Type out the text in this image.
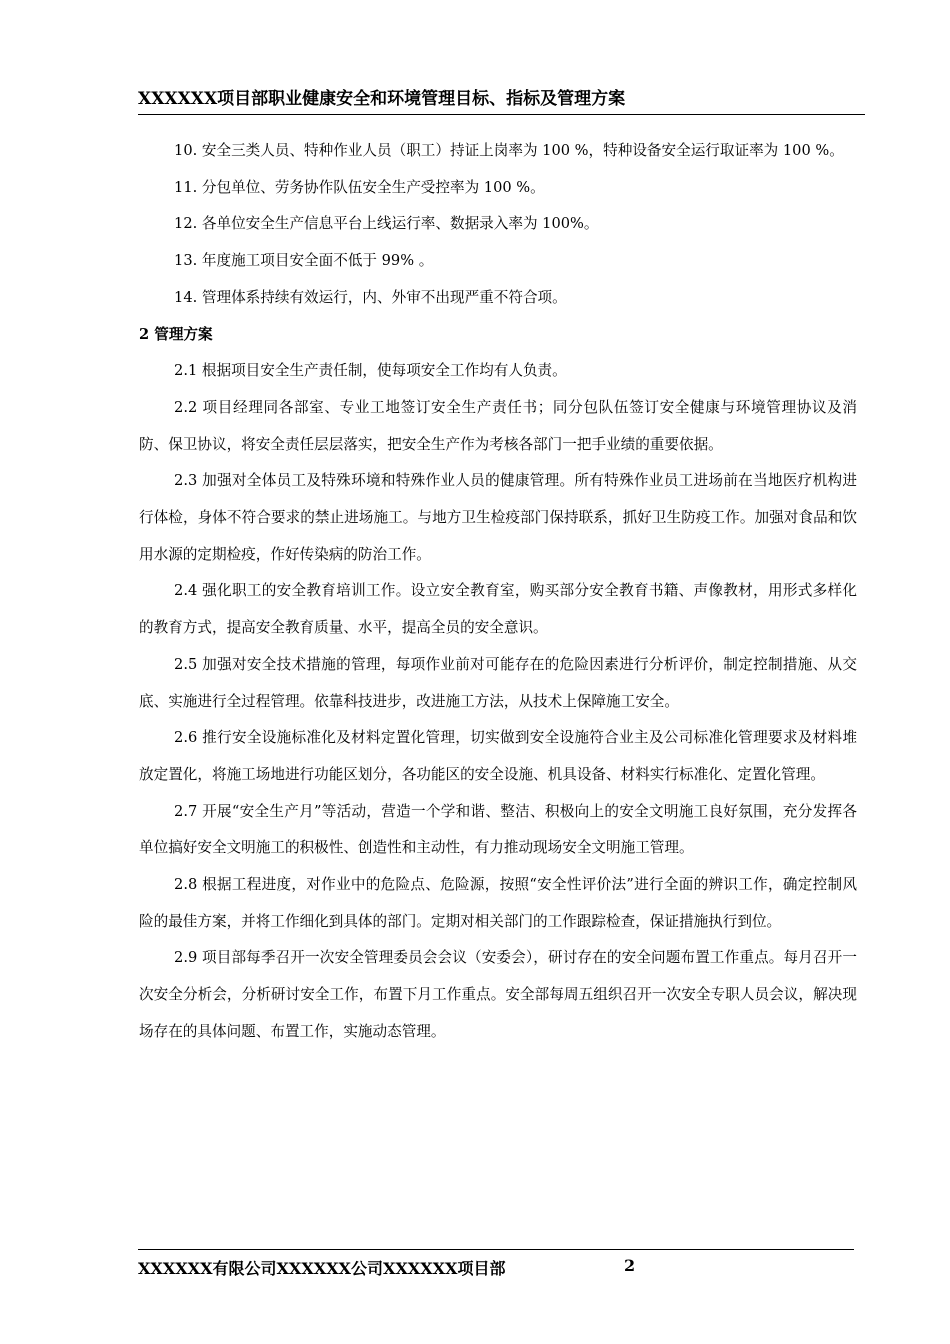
XXXXXX项目部职业健康安全和环境管理目标、指标及管理方案

10. 安全三类人员、特种作业人员（职工）持证上岗率为 100 %，特种设备安全运行取证率为 100 %。

11. 分包单位、劳务协作队伍安全生产受控率为 100 %。

12. 各单位安全生产信息平台上线运行率、数据录入率为 100%。

13. 年度施工项目安全面不低于 99% 。

14. 管理体系持续有效运行，内、外审不出现严重不符合项。

2 管理方案

2.1 根据项目安全生产责任制，使每项安全工作均有人负责。

2.2 项目经理同各部室、专业工地签订安全生产责任书；同分包队伍签订安全健康与环境管理协议及消防、保卫协议，将安全责任层层落实，把安全生产作为考核各部门一把手业绩的重要依据。

2.3 加强对全体员工及特殊环境和特殊作业人员的健康管理。所有特殊作业员工进场前在当地医疗机构进行体检，身体不符合要求的禁止进场施工。与地方卫生检疫部门保持联系，抓好卫生防疫工作。加强对食品和饮用水源的定期检疫，作好传染病的防治工作。

2.4 强化职工的安全教育培训工作。设立安全教育室，购买部分安全教育书籍、声像教材，用形式多样化的教育方式，提高安全教育质量、水平，提高全员的安全意识。

2.5 加强对安全技术措施的管理，每项作业前对可能存在的危险因素进行分析评价，制定控制措施、从交底、实施进行全过程管理。依靠科技进步，改进施工方法，从技术上保障施工安全。

2.6 推行安全设施标准化及材料定置化管理，切实做到安全设施符合业主及公司标准化管理要求及材料堆放定置化，将施工场地进行功能区划分，各功能区的安全设施、机具设备、材料实行标准化、定置化管理。

2.7 开展“安全生产月”等活动，营造一个学和谐、整洁、积极向上的安全文明施工良好氛围，充分发挥各单位搞好安全文明施工的积极性、创造性和主动性，有力推动现场安全文明施工管理。

2.8 根据工程进度，对作业中的危险点、危险源，按照“安全性评价法”进行全面的辨识工作，确定控制风险的最佳方案，并将工作细化到具体的部门。定期对相关部门的工作跟踪检查，保证措施执行到位。

2.9 项目部每季召开一次安全管理委员会会议（安委会），研讨存在的安全问题布置工作重点。每月召开一次安全分析会，分析研讨安全工作，布置下月工作重点。安全部每周五组织召开一次安全专职人员会议，解决现场存在的具体问题、布置工作，实施动态管理。

XXXXXX有限公司XXXXXX公司XXXXXX项目部	2
